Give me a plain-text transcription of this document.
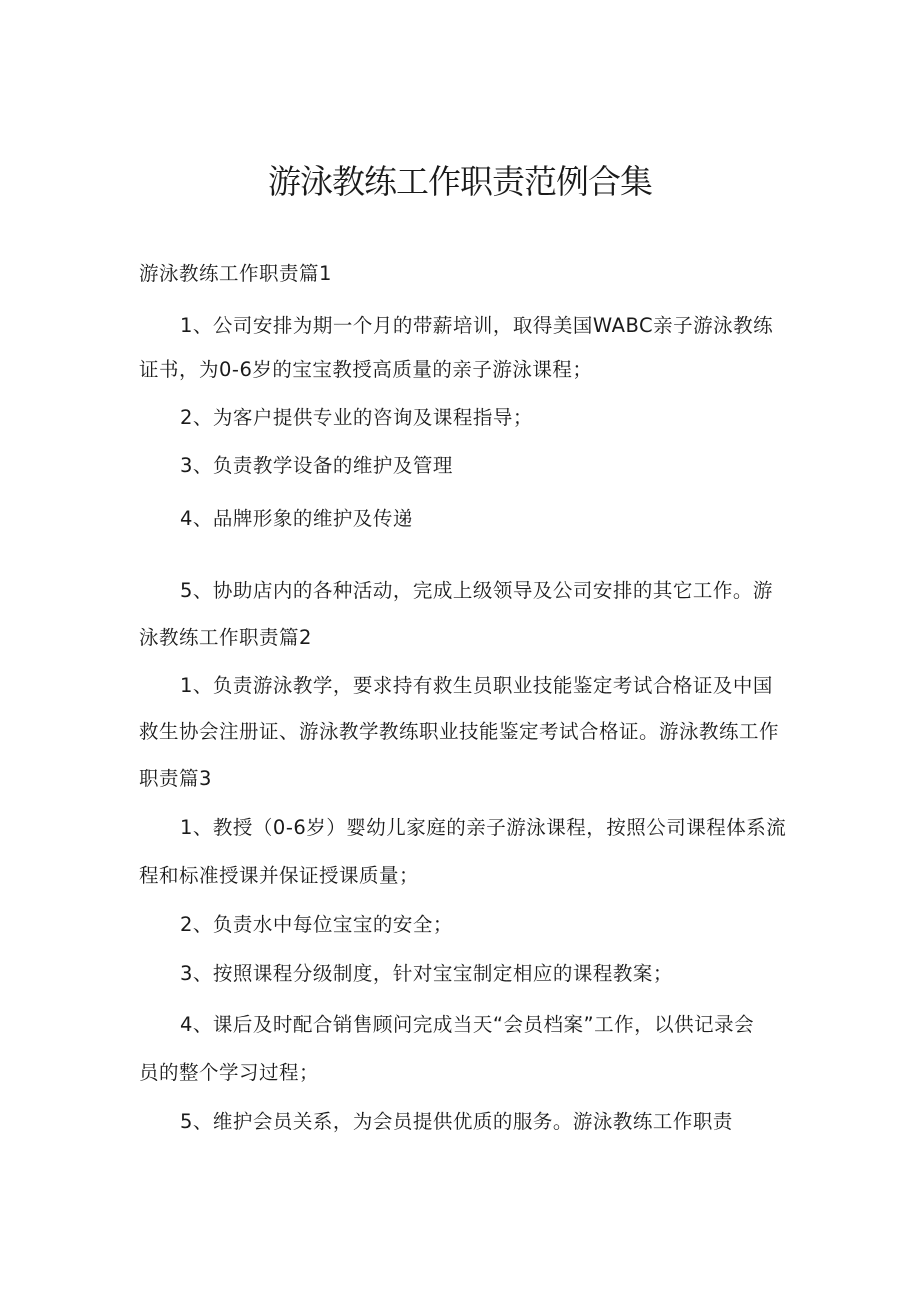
游泳教练工作职责范例合集

游泳教练工作职责篇1

1、公司安排为期一个月的带薪培训，取得美国WABC亲子游泳教练

证书，为0-6岁的宝宝教授高质量的亲子游泳课程；

2、为客户提供专业的咨询及课程指导；

3、负责教学设备的维护及管理

4、品牌形象的维护及传递

5、协助店内的各种活动，完成上级领导及公司安排的其它工作。游

泳教练工作职责篇2

1、负责游泳教学，要求持有救生员职业技能鉴定考试合格证及中国

救生协会注册证、游泳教学教练职业技能鉴定考试合格证。游泳教练工作

职责篇3

1、教授（0-6岁）婴幼儿家庭的亲子游泳课程，按照公司课程体系流

程和标准授课并保证授课质量；

2、负责水中每位宝宝的安全；

3、按照课程分级制度，针对宝宝制定相应的课程教案；

4、课后及时配合销售顾问完成当天“会员档案”工作，以供记录会

员的整个学习过程；

5、维护会员关系，为会员提供优质的服务。游泳教练工作职责
